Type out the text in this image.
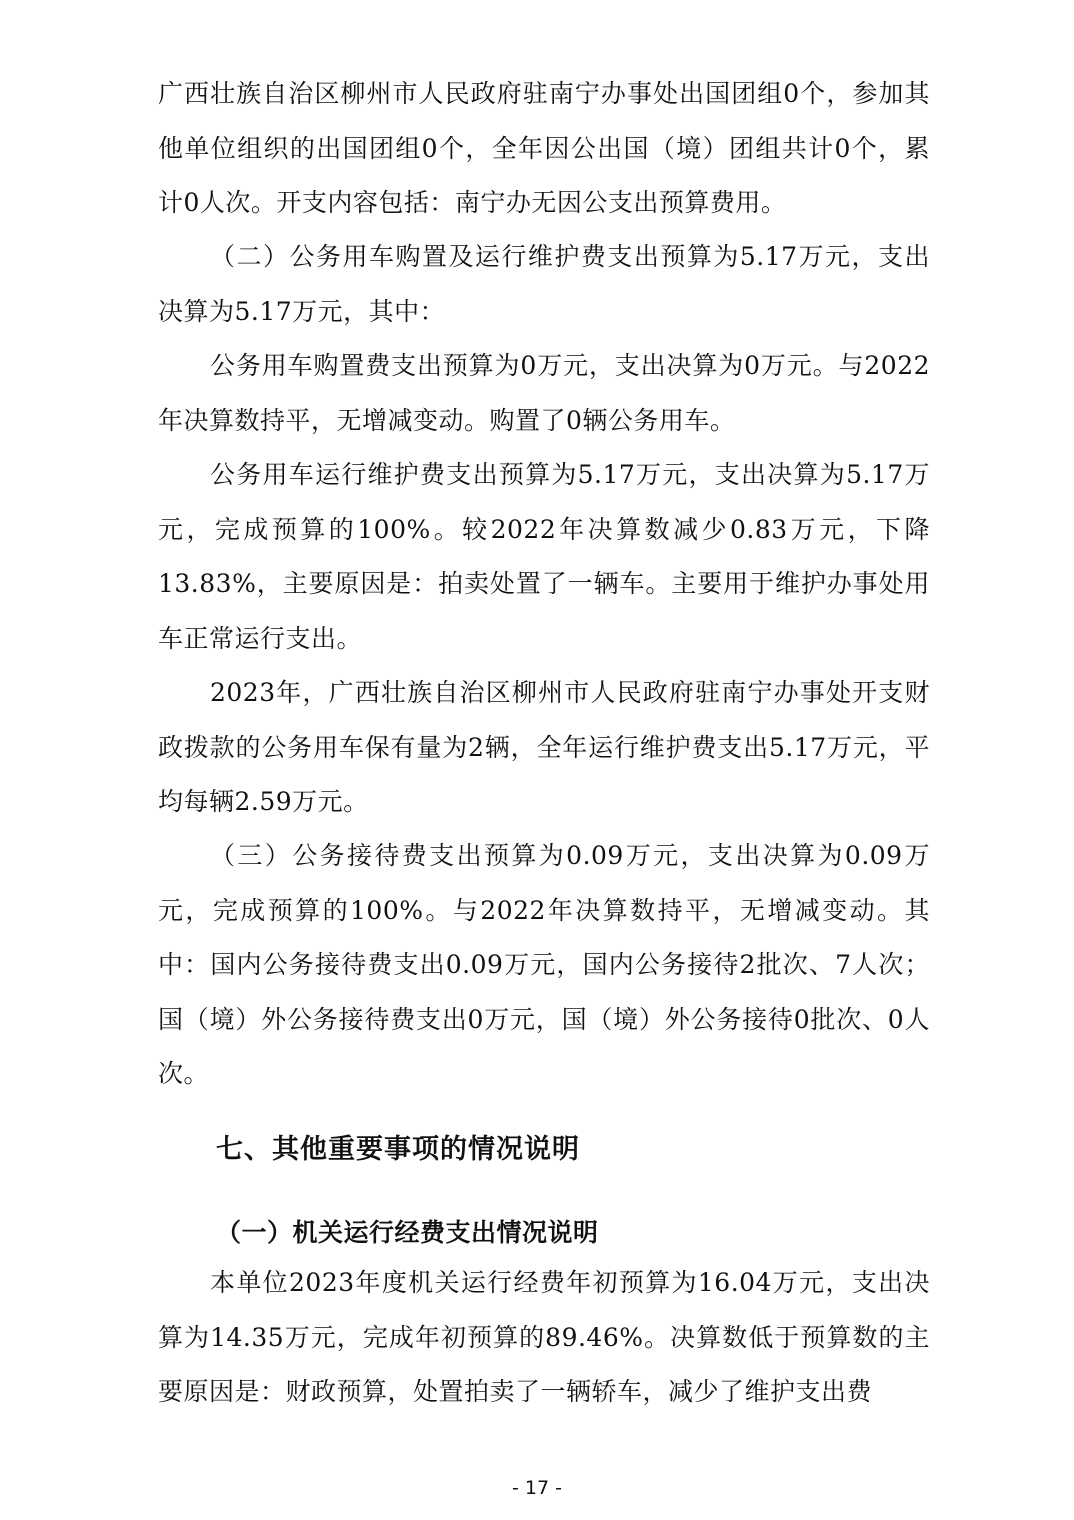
广西壮族自治区柳州市人民政府驻南宁办事处出国团组0个，参加其他单位组织的出国团组0个，全年因公出国（境）团组共计0个，累计0人次。开支内容包括：南宁办无因公支出预算费用。

（二）公务用车购置及运行维护费支出预算为5.17万元，支出决算为5.17万元，其中：

公务用车购置费支出预算为0万元，支出决算为0万元。与2022年决算数持平，无增减变动。购置了0辆公务用车。

公务用车运行维护费支出预算为5.17万元，支出决算为5.17万元，完成预算的100%。较2022年决算数减少0.83万元，下降13.83%，主要原因是：拍卖处置了一辆车。主要用于维护办事处用车正常运行支出。

2023年，广西壮族自治区柳州市人民政府驻南宁办事处开支财政拨款的公务用车保有量为2辆，全年运行维护费支出5.17万元，平均每辆2.59万元。

（三）公务接待费支出预算为0.09万元，支出决算为0.09万元，完成预算的100%。与2022年决算数持平，无增减变动。其中：国内公务接待费支出0.09万元，国内公务接待2批次、7人次；国（境）外公务接待费支出0万元，国（境）外公务接待0批次、0人次。

七、其他重要事项的情况说明
（一）机关运行经费支出情况说明

本单位2023年度机关运行经费年初预算为16.04万元，支出决算为14.35万元，完成年初预算的89.46%。决算数低于预算数的主要原因是：财政预算，处置拍卖了一辆轿车，减少了维护支出费

- 17 -
